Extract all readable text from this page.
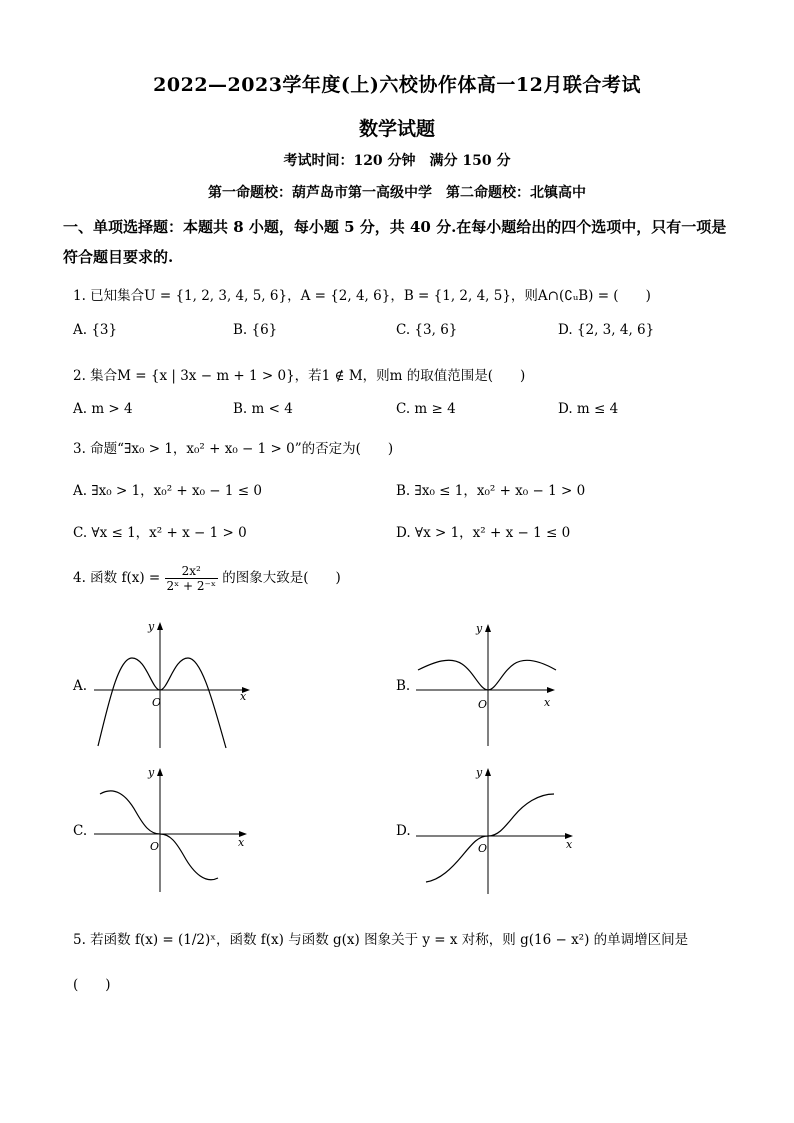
2022—2023学年度(上)六校协作体高一12月联合考试
数学试题
考试时间：120 分钟　满分 150 分
第一命题校：葫芦岛市第一高级中学　第二命题校：北镇高中
一、单项选择题：本题共 8 小题，每小题 5 分，共 40 分.在每小题给出的四个选项中，只有一项是符合题目要求的.
1. 已知集合U = {1, 2, 3, 4, 5, 6}，A = {2, 4, 6}，B = {1, 2, 4, 5}，则A∩(∁ᵤB) = (　　)
A. {3}	B. {6}	C. {3, 6}	D. {2, 3, 4, 6}
2. 集合M = {x | 3x − m + 1 > 0}，若1 ∉ M，则m 的取值范围是(　　)
A. m > 4	B. m < 4	C. m ≥ 4	D. m ≤ 4
3. 命题“∃x₀ > 1，x₀² + x₀ − 1 > 0”的否定为(　　)
A. ∃x₀ > 1，x₀² + x₀ − 1 ≤ 0	B. ∃x₀ ≤ 1，x₀² + x₀ − 1 > 0
C. ∀x ≤ 1，x² + x − 1 > 0	D. ∀x > 1，x² + x − 1 ≤ 0
4. 函数 $f(x) = \frac{\text{2x²}}{\text{2ˣ + 2⁻ˣ}}$ 的图象大致是(　　)
A.	B.
C.	D.
O	x
y
O	x
y
O	x
y
O	x
y
5. 若函数 f(x) = (1/2)ˣ，函数 f(x) 与函数 g(x) 图象关于 y = x 对称，则 g(16 − x²) 的单调增区间是
(　　)
